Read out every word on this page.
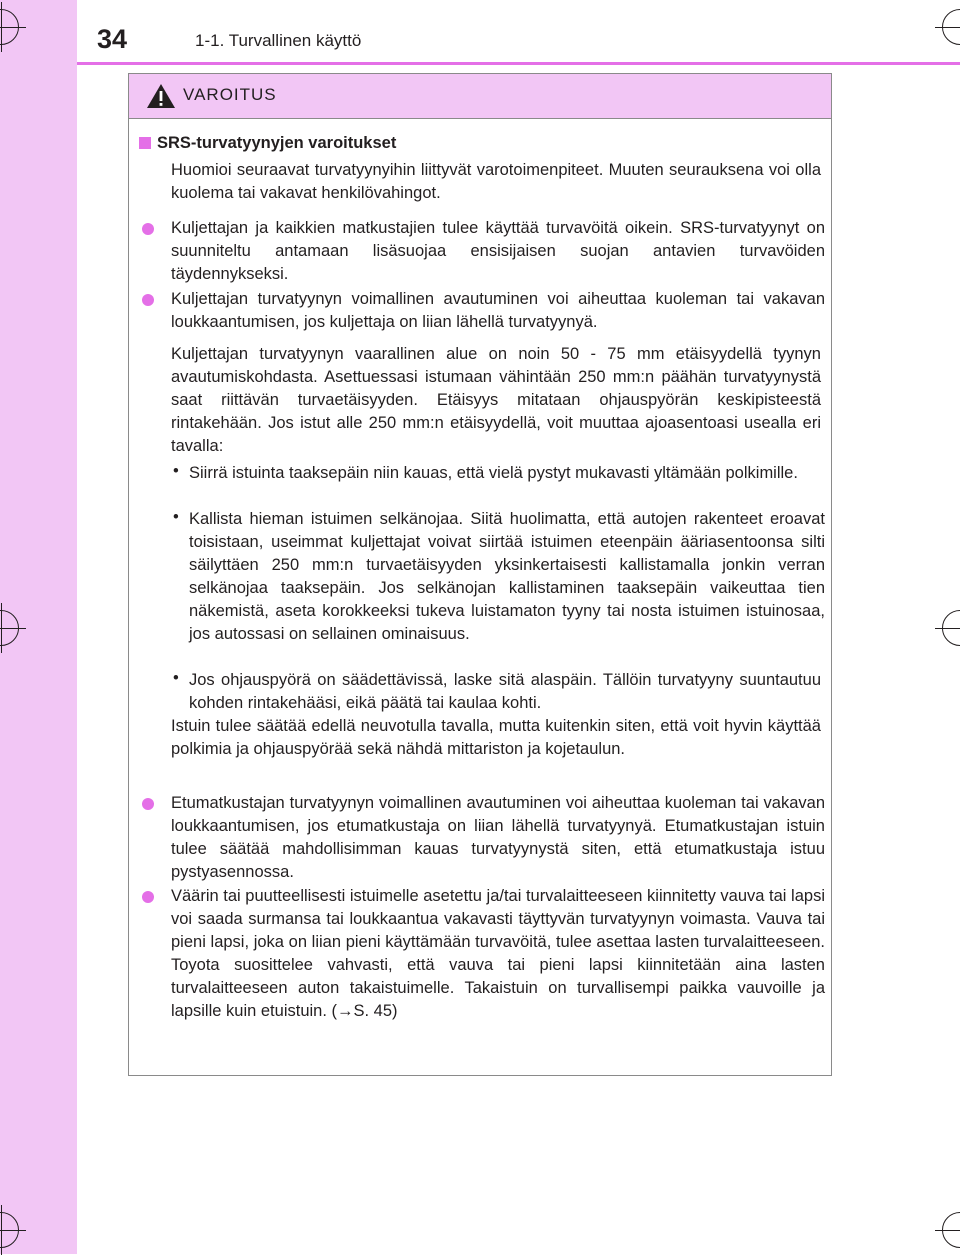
34	1-1. Turvallinen käyttö
VAROITUS
SRS-turvatyynyjen varoitukset
Huomioi seuraavat turvatyynyihin liittyvät varotoimenpiteet. Muuten seurauksena voi olla kuolema tai vakavat henkilövahingot.
Kuljettajan ja kaikkien matkustajien tulee käyttää turvavöitä oikein. SRS-turvatyynyt on suunniteltu antamaan lisäsuojaa ensisijaisen suojan antavien turvavöiden täydennykseksi.
Kuljettajan turvatyynyn voimallinen avautuminen voi aiheuttaa kuoleman tai vakavan loukkaantumisen, jos kuljettaja on liian lähellä turvatyynyä.
Kuljettajan turvatyynyn vaarallinen alue on noin 50 - 75 mm etäisyydellä tyynyn avautumiskohdasta. Asettuessasi istumaan vähintään 250 mm:n päähän turvatyynystä saat riittävän turvaetäisyyden. Etäisyys mitataan ohjauspyörän keskipisteestä rintakehään. Jos istut alle 250 mm:n etäisyydellä, voit muuttaa ajoasentoasi usealla eri tavalla:
• Siirrä istuinta taaksepäin niin kauas, että vielä pystyt mukavasti yltämään polkimille.
• Kallista hieman istuimen selkänojaa. Siitä huolimatta, että autojen rakenteet eroavat toisistaan, useimmat kuljettajat voivat siirtää istuimen eteenpäin ääriasentoonsa silti säilyttäen 250 mm:n turvaetäisyyden yksinkertaisesti kallistamalla jonkin verran selkänojaa taaksepäin. Jos selkänojan kallistaminen taaksepäin vaikeuttaa tien näkemistä, aseta korokkeeksi tukeva luistamaton tyyny tai nosta istuimen istuinosaa, jos autossasi on sellainen ominaisuus.
• Jos ohjauspyörä on säädettävissä, laske sitä alaspäin. Tällöin turvatyyny suuntautuu kohden rintakehääsi, eikä päätä tai kaulaa kohti.
Istuin tulee säätää edellä neuvotulla tavalla, mutta kuitenkin siten, että voit hyvin käyttää polkimia ja ohjauspyörää sekä nähdä mittariston ja kojetaulun.
Etumatkustajan turvatyynyn voimallinen avautuminen voi aiheuttaa kuoleman tai vakavan loukkaantumisen, jos etumatkustaja on liian lähellä turvatyynyä. Etumatkustajan istuin tulee säätää mahdollisimman kauas turvatyynystä siten, että etumatkustaja istuu pystyasennossa.
Väärin tai puutteellisesti istuimelle asetettu ja/tai turvalaitteeseen kiinnitetty vauva tai lapsi voi saada surmansa tai loukkaantua vakavasti täyttyvän turvatyynyn voimasta. Vauva tai pieni lapsi, joka on liian pieni käyttämään turvavöitä, tulee asettaa lasten turvalaitteeseen. Toyota suosittelee vahvasti, että vauva tai pieni lapsi kiinnitetään aina lasten turvalaitteeseen auton takaistuimelle. Takaistuin on turvallisempi paikka vauvoille ja lapsille kuin etuistuin. (→S. 45)
